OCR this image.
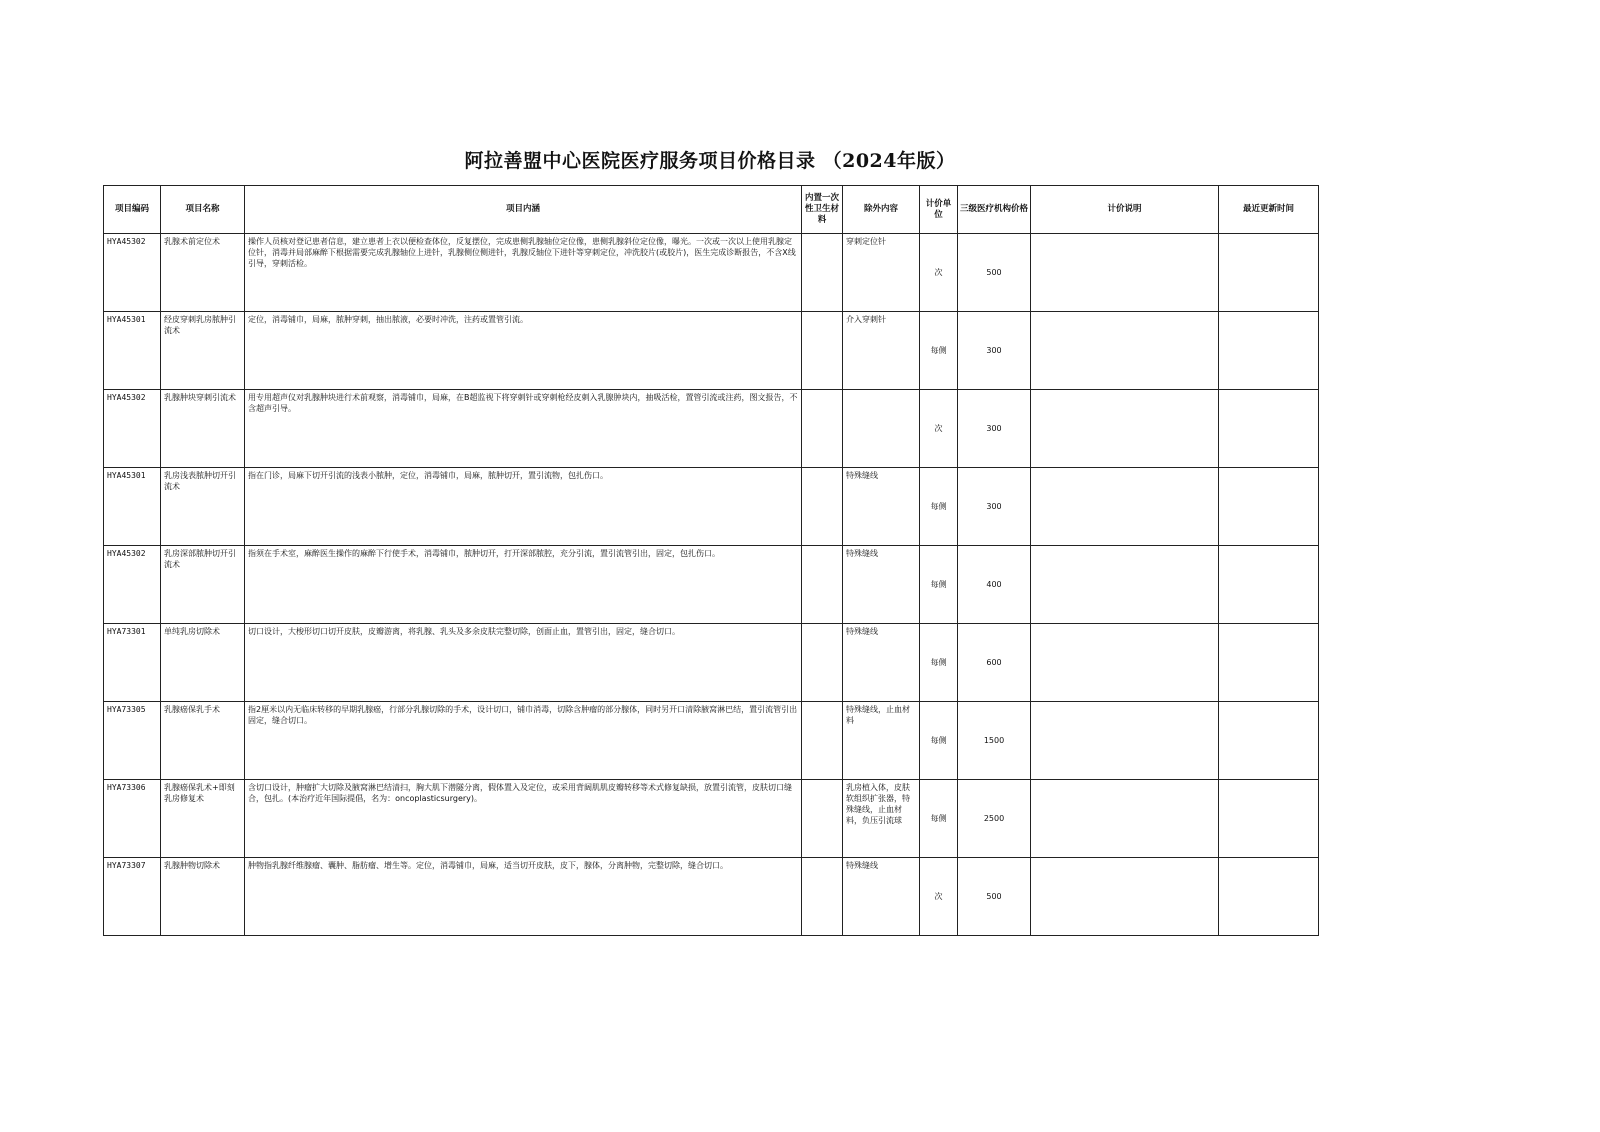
阿拉善盟中心医院医疗服务项目价格目录 （2024年版）
项目编码	项目名称	项目内涵	内置一次性卫生材料	除外内容	计价单位	三级医疗机构价格	计价说明	最近更新时间
HYA45302	乳腺术前定位术	操作人员核对登记患者信息，建立患者上衣以便检查体位，反复摆位，完成患侧乳腺轴位定位像，患侧乳腺斜位定位像，曝光。一次或一次以上使用乳腺定位针，消毒并局部麻醉下根据需要完成乳腺轴位上进针，乳腺侧位侧进针，乳腺反轴位下进针等穿刺定位，冲洗胶片(或胶片)，医生完成诊断报告，不含X线引导，穿刺活检。		穿刺定位针	次	500		
HYA45301	经皮穿刺乳房脓肿引流术	定位，消毒铺巾，局麻，脓肿穿刺，抽出脓液，必要时冲洗，注药或置管引流。		介入穿刺针	每侧	300		
HYA45302	乳腺肿块穿刺引流术	用专用超声仪对乳腺肿块进行术前观察，消毒铺巾，局麻，在B超监视下将穿刺针或穿刺枪经皮刺入乳腺肿块内，抽吸活检，置管引流或注药，图文报告，不含超声引导。			次	300		
HYA45301	乳房浅表脓肿切开引流术	指在门诊，局麻下切开引流的浅表小脓肿，定位，消毒铺巾，局麻，脓肿切开，置引流物，包扎伤口。		特殊缝线	每侧	300		
HYA45302	乳房深部脓肿切开引流术	指须在手术室，麻醉医生操作的麻醉下行使手术，消毒铺巾，脓肿切开，打开深部脓腔，充分引流，置引流管引出，固定，包扎伤口。		特殊缝线	每侧	400		
HYA73301	单纯乳房切除术	切口设计，大梭形切口切开皮肤，皮瓣游离，将乳腺、乳头及多余皮肤完整切除，创面止血，置管引出，固定，缝合切口。		特殊缝线	每侧	600		
HYA73305	乳腺癌保乳手术	指2厘米以内无临床转移的早期乳腺癌，行部分乳腺切除的手术，设计切口，铺巾消毒，切除含肿瘤的部分腺体，同时另开口清除腋窝淋巴结，置引流管引出固定，缝合切口。		特殊缝线，止血材料	每侧	1500		
HYA73306	乳腺癌保乳术+即刻乳房修复术	含切口设计，肿瘤扩大切除及腋窝淋巴结清扫，胸大肌下潜隧分离，假体置入及定位，或采用背阔肌肌皮瓣转移等术式修复缺损，放置引流管，皮肤切口缝合，包扎。(本治疗近年国际提倡，名为：oncoplasticsurgery)。		乳房植入体，皮肤软组织扩张器，特殊缝线，止血材料，负压引流球	每侧	2500		
HYA73307	乳腺肿物切除术	肿物指乳腺纤维腺瘤、囊肿、脂肪瘤、增生等。定位，消毒铺巾，局麻，适当切开皮肤，皮下，腺体，分离肿物，完整切除，缝合切口。		特殊缝线	次	500		
